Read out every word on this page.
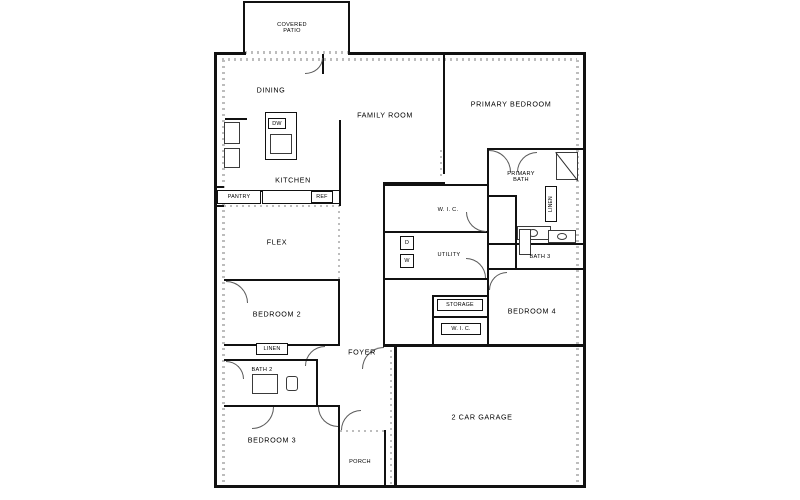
DW
REF
PANTRY	LINEN
D
W
STORAGE
W. I. C.
LINEN
COVERED
PATIO
DINING
FAMILY ROOM
PRIMARY BEDROOM
KITCHEN
PRIMARY
BATH
W. I. C.
FLEX
UTILITY	BATH 3
BEDROOM 2	BEDROOM 4
FOYER
BATH 2
BEDROOM 3
2 CAR GARAGE
PORCH
